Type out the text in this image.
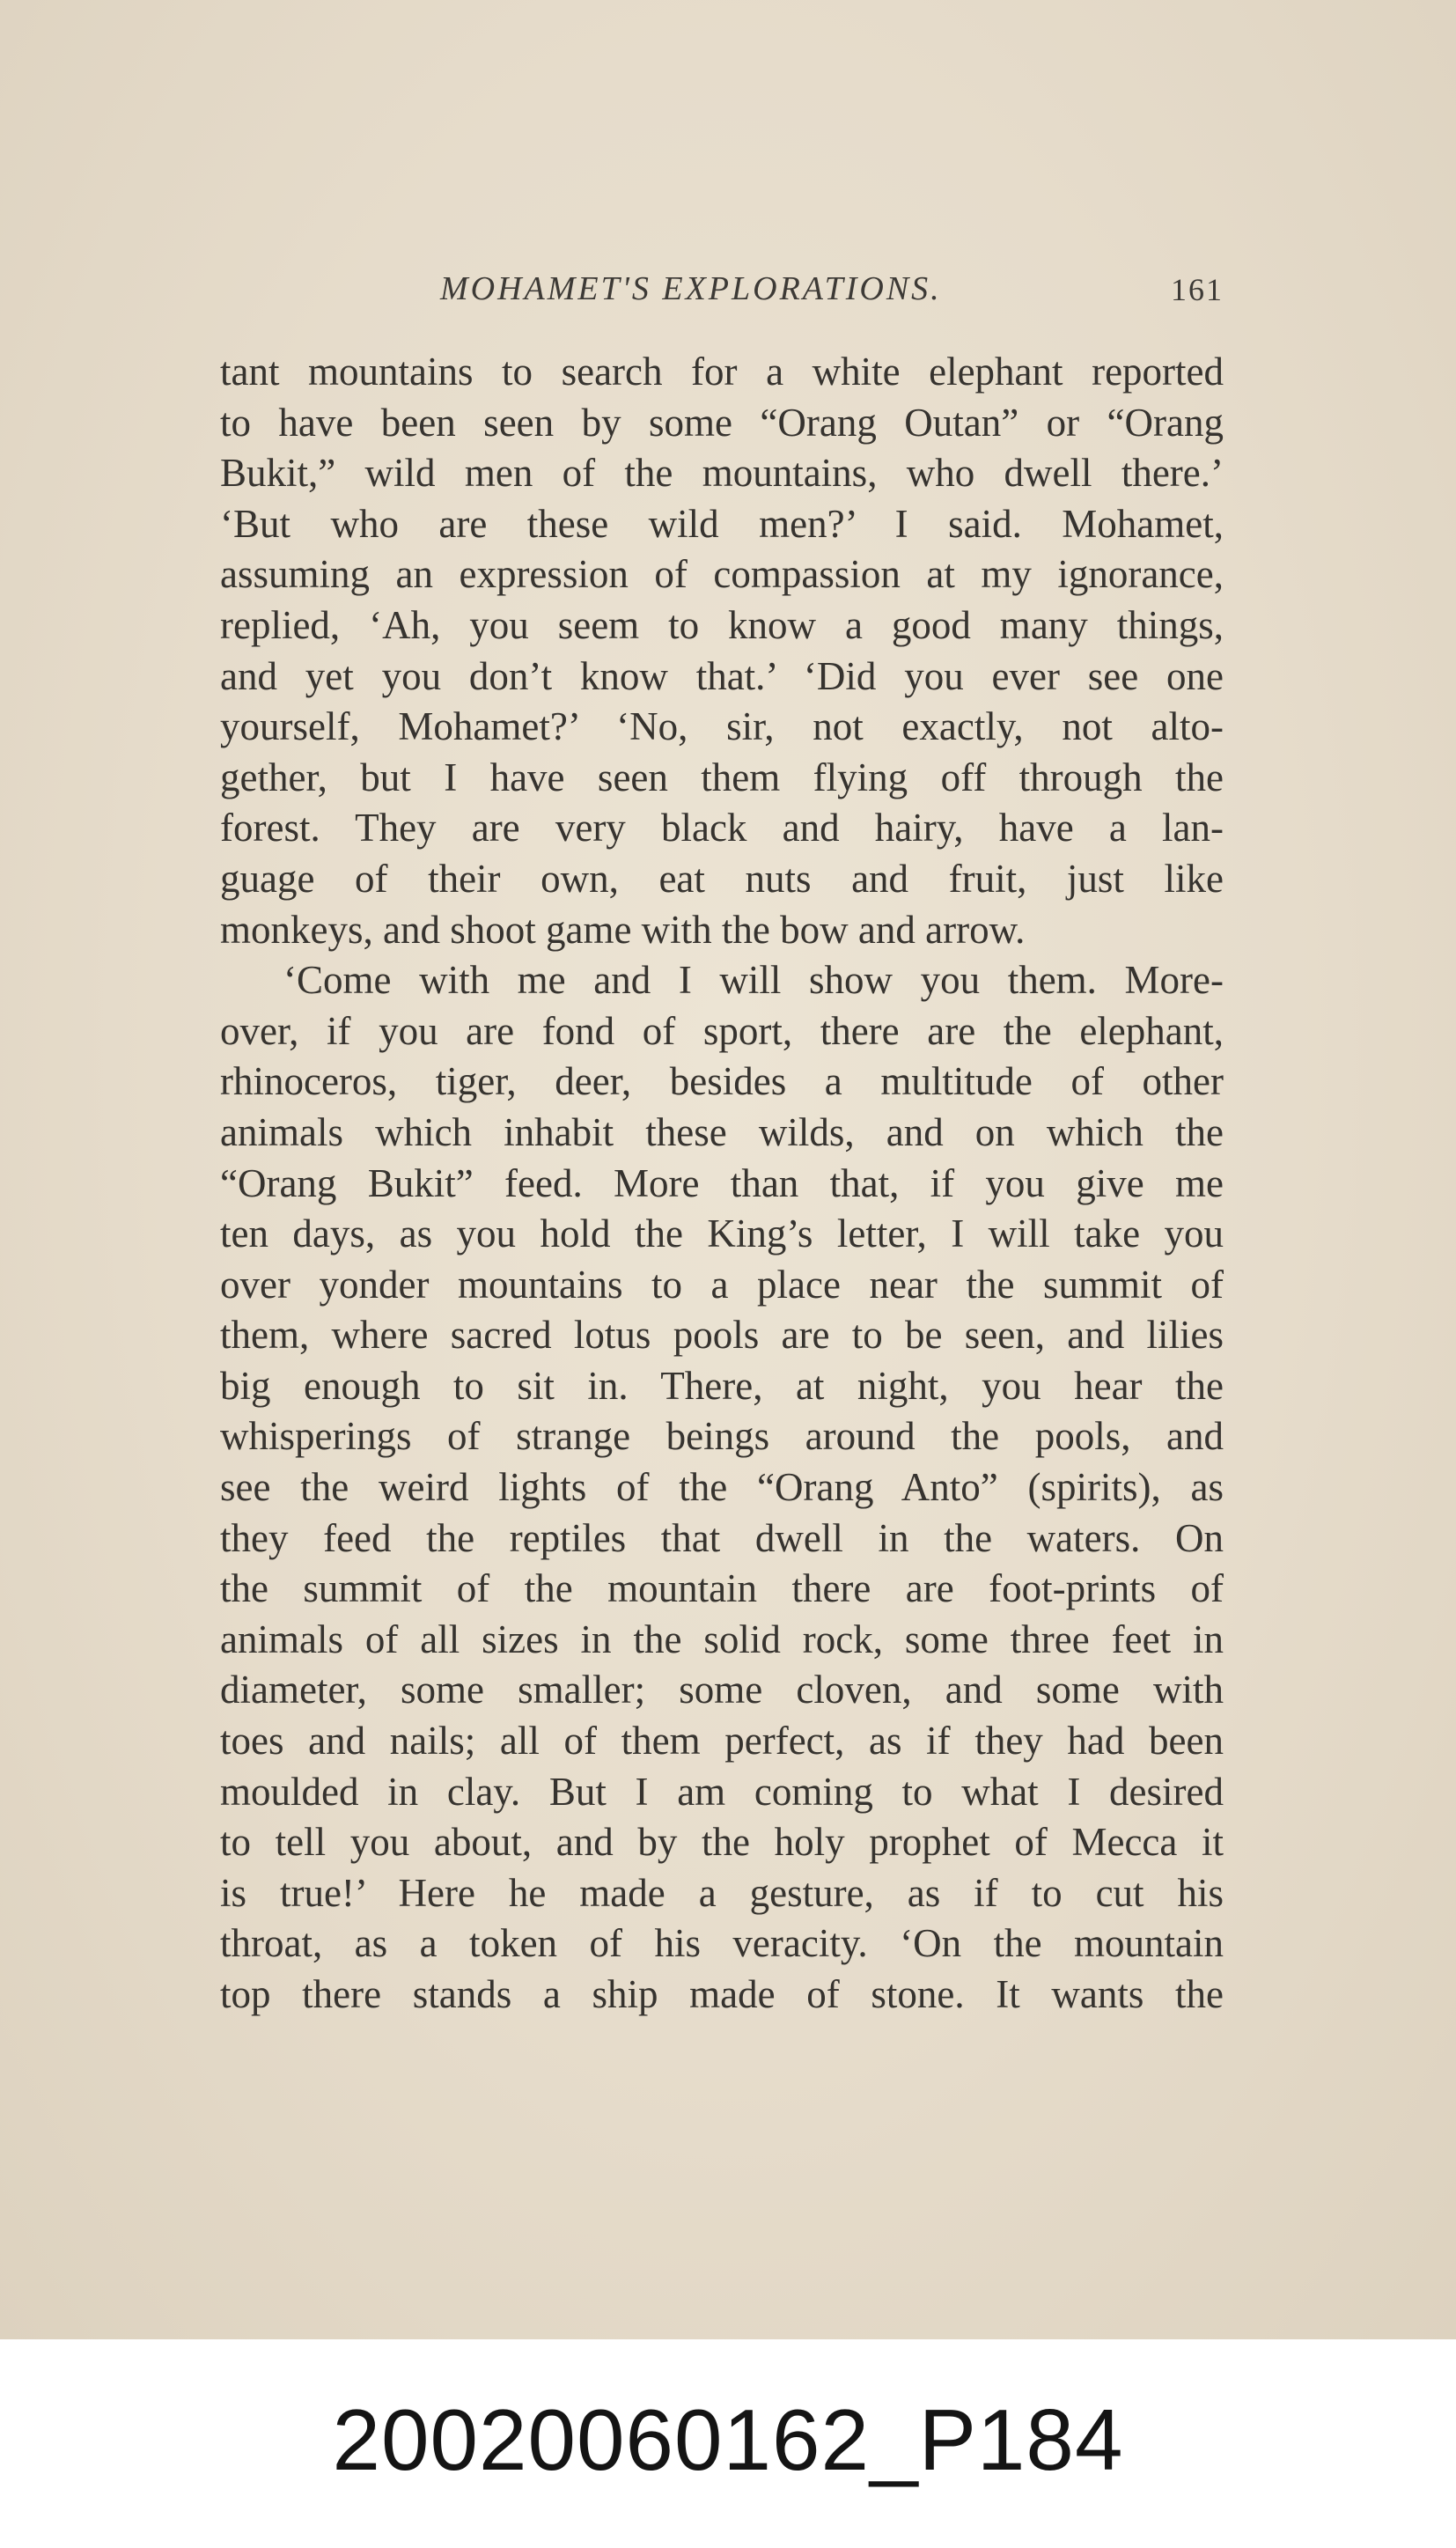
MOHAMET'S EXPLORATIONS.	161
tant mountains to search for a white elephant reported
to have been seen by some “Orang Outan” or “Orang
Bukit,” wild men of the mountains, who dwell there.’
‘But who are these wild men?’ I said. Mohamet,
assuming an expression of compassion at my ignorance,
replied, ‘Ah, you seem to know a good many things,
and yet you don’t know that.’ ‘Did you ever see one
yourself, Mohamet?’ ‘No, sir, not exactly, not alto-
gether, but I have seen them flying off through the
forest. They are very black and hairy, have a lan-
guage of their own, eat nuts and fruit, just like
monkeys, and shoot game with the bow and arrow.
‘Come with me and I will show you them. More-
over, if you are fond of sport, there are the elephant,
rhinoceros, tiger, deer, besides a multitude of other
animals which inhabit these wilds, and on which the
“Orang Bukit” feed. More than that, if you give me
ten days, as you hold the King’s letter, I will take you
over yonder mountains to a place near the summit of
them, where sacred lotus pools are to be seen, and lilies
big enough to sit in. There, at night, you hear the
whisperings of strange beings around the pools, and
see the weird lights of the “Orang Anto” (spirits), as
they feed the reptiles that dwell in the waters. On
the summit of the mountain there are foot-prints of
animals of all sizes in the solid rock, some three feet in
diameter, some smaller; some cloven, and some with
toes and nails; all of them perfect, as if they had been
moulded in clay. But I am coming to what I desired
to tell you about, and by the holy prophet of Mecca it
is true!’ Here he made a gesture, as if to cut his
throat, as a token of his veracity. ‘On the mountain
top there stands a ship made of stone. It wants the
20020060162_P184
